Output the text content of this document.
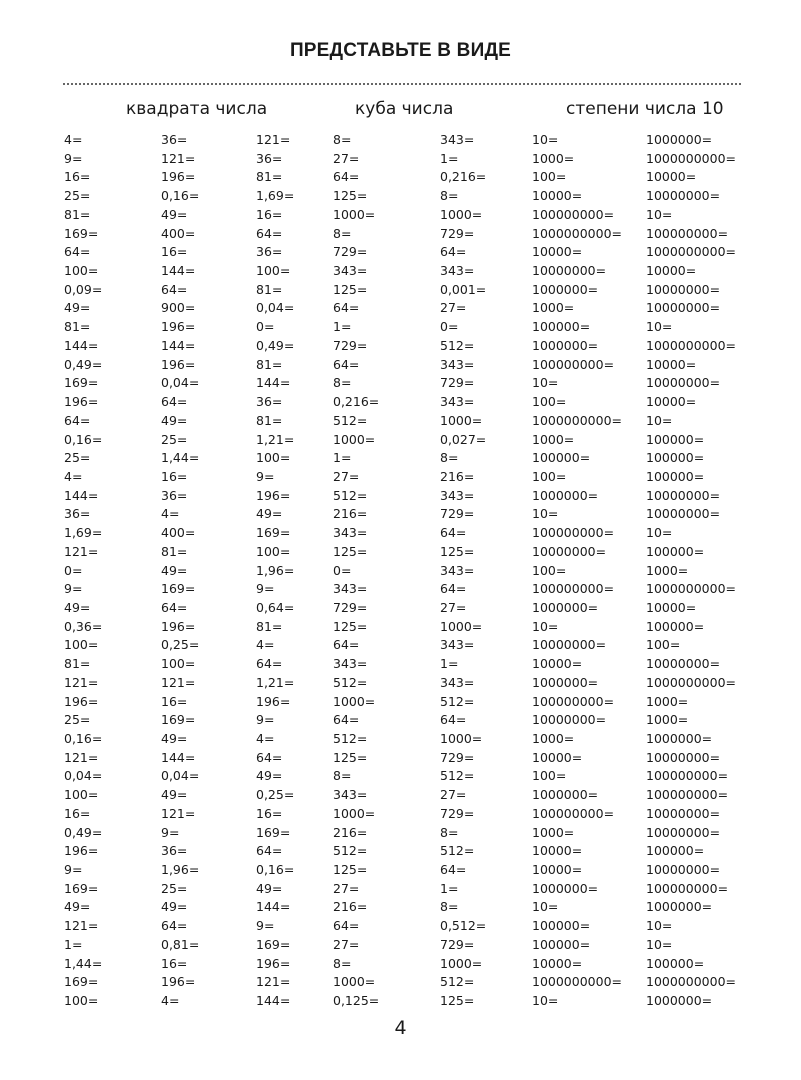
ПРЕДСТАВЬТЕ В ВИДЕ
квадрата числа	куба числа	степени числа 10
4=
9=
16=
25=
81=
169=
64=
100=
0,09=
49=
81=
144=
0,49=
169=
196=
64=
0,16=
25=
4=
144=
36=
1,69=
121=
0=
9=
49=
0,36=
100=
81=
121=
196=
25=
0,16=
121=
0,04=
100=
16=
0,49=
196=
9=
169=
49=
121=
1=
1,44=
169=
100=
36=
121=
196=
0,16=
49=
400=
16=
144=
64=
900=
196=
144=
196=
0,04=
64=
49=
25=
1,44=
16=
36=
4=
400=
81=
49=
169=
64=
196=
0,25=
100=
121=
16=
169=
49=
144=
0,04=
49=
121=
9=
36=
1,96=
25=
49=
64=
0,81=
16=
196=
4=
121=
36=
81=
1,69=
16=
64=
36=
100=
81=
0,04=
0=
0,49=
81=
144=
36=
81=
1,21=
100=
9=
196=
49=
169=
100=
1,96=
9=
0,64=
81=
4=
64=
1,21=
196=
9=
4=
64=
49=
0,25=
16=
169=
64=
0,16=
49=
144=
9=
169=
196=
121=
144=
8=
27=
64=
125=
1000=
8=
729=
343=
125=
64=
1=
729=
64=
8=
0,216=
512=
1000=
1=
27=
512=
216=
343=
125=
0=
343=
729=
125=
64=
343=
512=
1000=
64=
512=
125=
8=
343=
1000=
216=
512=
125=
27=
216=
64=
27=
8=
1000=
0,125=
343=
1=
0,216=
8=
1000=
729=
64=
343=
0,001=
27=
0=
512=
343=
729=
343=
1000=
0,027=
8=
216=
343=
729=
64=
125=
343=
64=
27=
1000=
343=
1=
343=
512=
64=
1000=
729=
512=
27=
729=
8=
512=
64=
1=
8=
0,512=
729=
1000=
512=
125=
10=
1000=
100=
10000=
100000000=
1000000000=
10000=
10000000=
1000000=
1000=
100000=
1000000=
100000000=
10=
100=
1000000000=
1000=
100000=
100=
1000000=
10=
100000000=
10000000=
100=
100000000=
1000000=
10=
10000000=
10000=
1000000=
100000000=
10000000=
1000=
10000=
100=
1000000=
100000000=
1000=
10000=
10000=
1000000=
10=
100000=
100000=
10000=
1000000000=
10=
1000000=
1000000000=
10000=
10000000=
10=
100000000=
1000000000=
10000=
10000000=
10000000=
10=
1000000000=
10000=
10000000=
10000=
10=
100000=
100000=
100000=
10000000=
10000000=
10=
100000=
1000=
1000000000=
10000=
100000=
100=
10000000=
1000000000=
1000=
1000=
1000000=
10000000=
100000000=
100000000=
10000000=
10000000=
100000=
10000000=
100000000=
1000000=
10=
10=
100000=
1000000000=
1000000=
4
